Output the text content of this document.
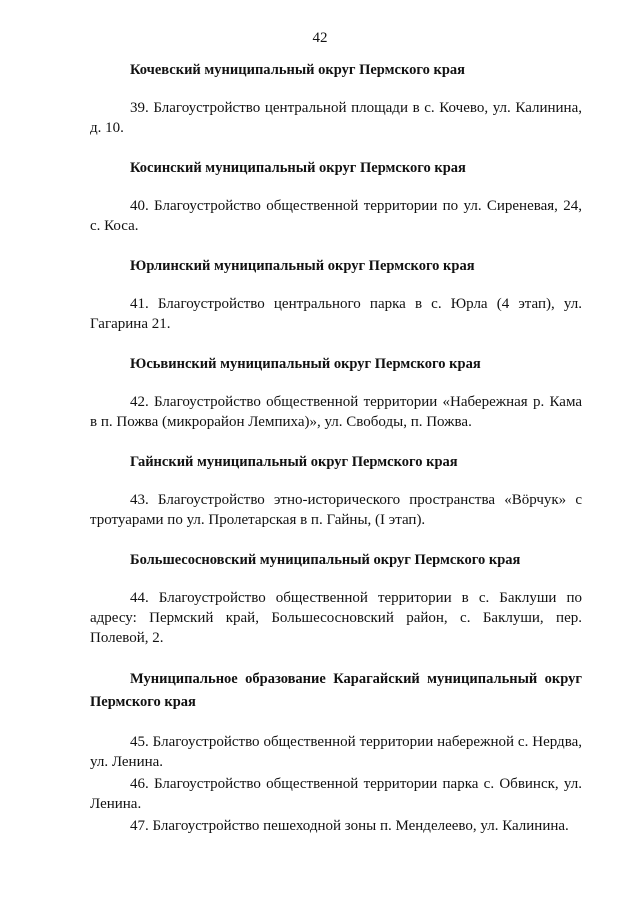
42

Кочевский муниципальный округ Пермского края

39. Благоустройство центральной площади в с. Кочево, ул. Калинина, д. 10.

Косинский муниципальный округ Пермского края

40. Благоустройство общественной территории по ул. Сиреневая, 24, с. Коса.

Юрлинский муниципальный округ Пермского края

41. Благоустройство центрального парка в с. Юрла (4 этап), ул. Гагарина 21.

Юсьвинский муниципальный округ Пермского края

42. Благоустройство общественной территории «Набережная р. Кама в п. Пожва (микрорайон Лемпиха)», ул. Свободы, п. Пожва.

Гайнский муниципальный округ Пермского края

43. Благоустройство этно-исторического пространства «Вӧрчук» с тротуарами по ул. Пролетарская в п. Гайны, (I этап).

Большесосновский муниципальный округ Пермского края

44. Благоустройство общественной территории в с. Баклуши по адресу: Пермский край, Большесосновский район, с. Баклуши, пер. Полевой, 2.

Муниципальное образование Карагайский муниципальный округ Пермского края

45. Благоустройство общественной территории набережной с. Нердва, ул. Ленина.

46. Благоустройство общественной территории парка с. Обвинск, ул. Ленина.

47. Благоустройство пешеходной зоны п. Менделеево, ул. Калинина.
